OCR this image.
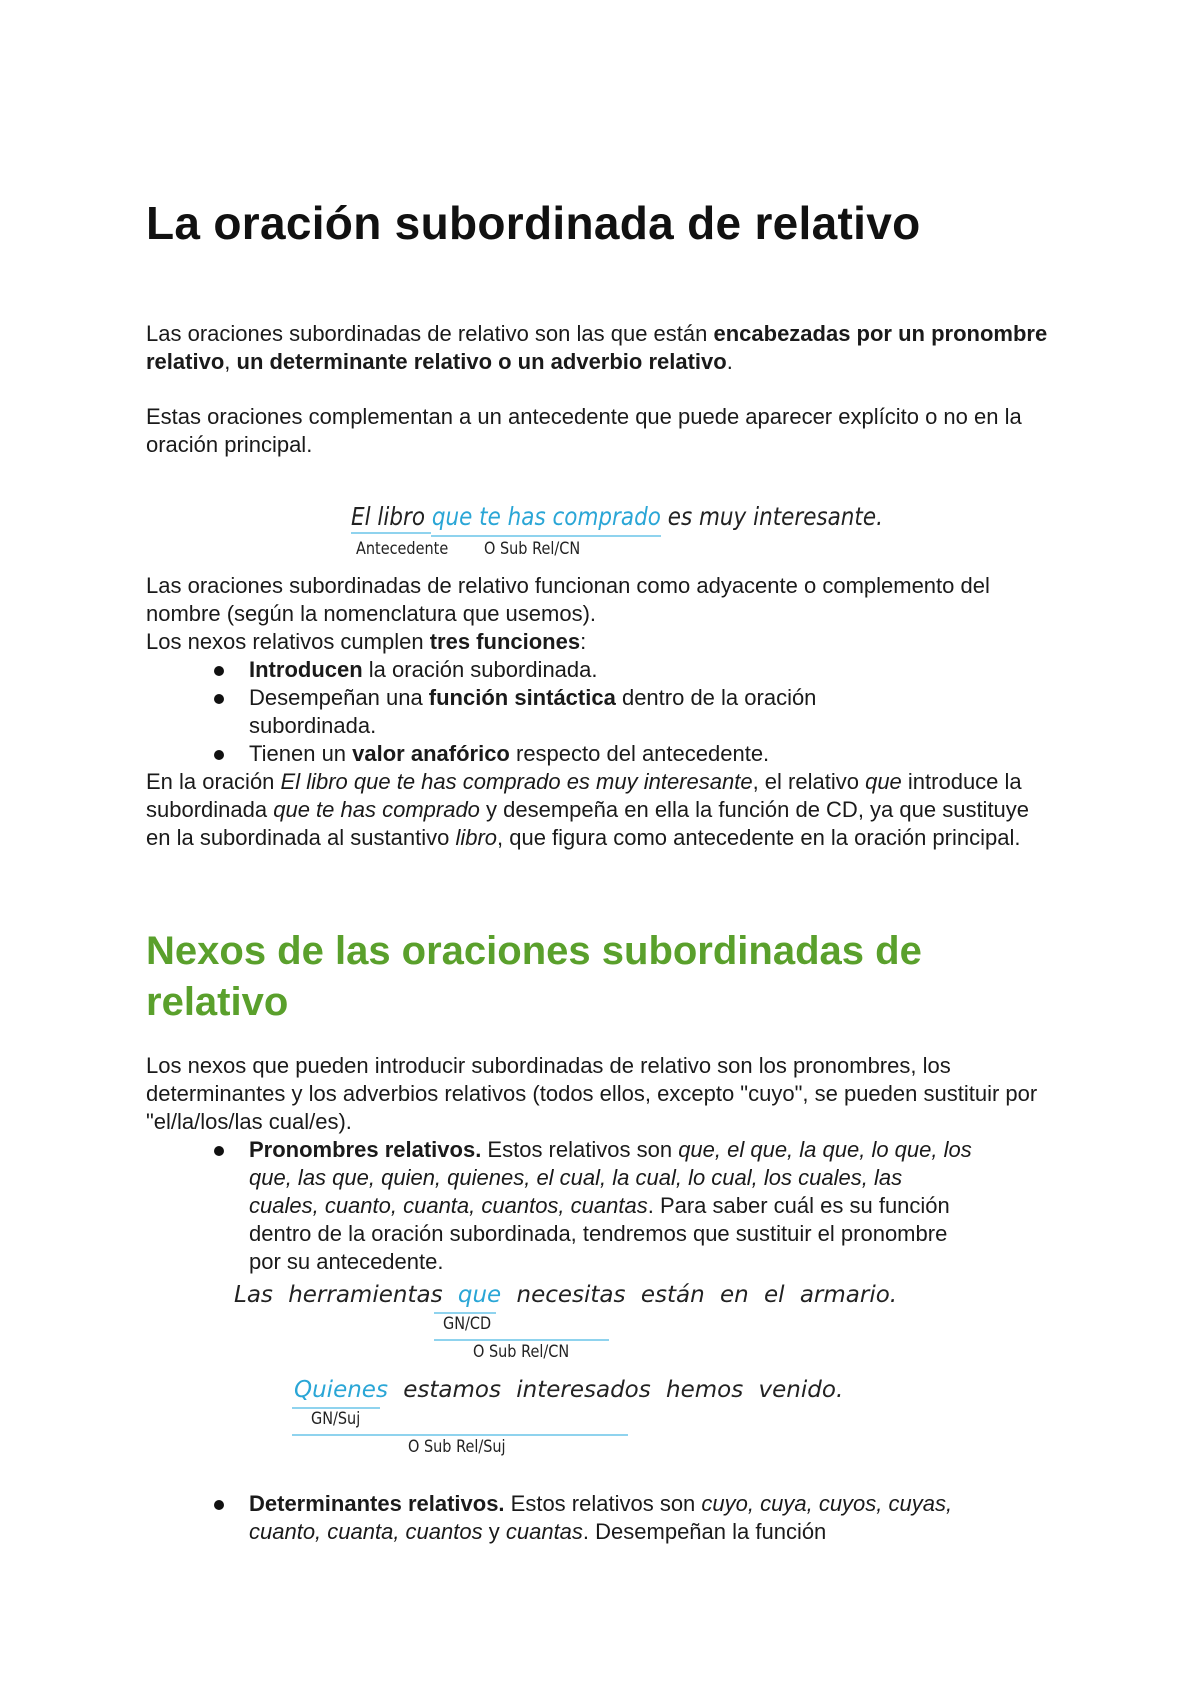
La oración subordinada de relativo

Las oraciones subordinadas de relativo son las que están encabezadas por un pronombre relativo, un determinante relativo o un adverbio relativo.

Estas oraciones complementan a un antecedente que puede aparecer explícito o no en la oración principal.

El libro que te has comprado es muy interesante.
Antecedente O Sub Rel/CN

Las oraciones subordinadas de relativo funcionan como adyacente o complemento del nombre (según la nomenclatura que usemos).

Los nexos relativos cumplen tres funciones:

Introducen la oración subordinada.
Desempeñan una función sintáctica dentro de la oración subordinada.
Tienen un valor anafórico respecto del antecedente.

En la oración El libro que te has comprado es muy interesante, el relativo que introduce la subordinada que te has comprado y desempeña en ella la función de CD, ya que sustituye en la subordinada al sustantivo libro, que figura como antecedente en la oración principal.

Nexos de las oraciones subordinadas de relativo

Los nexos que pueden introducir subordinadas de relativo son los pronombres, los determinantes y los adverbios relativos (todos ellos, excepto "cuyo", se pueden sustituir por "el/la/los/las cual/es).

Pronombres relativos. Estos relativos son que, el que, la que, lo que, los que, las que, quien, quienes, el cual, la cual, lo cual, los cuales, las cuales, cuanto, cuanta, cuantos, cuantas. Para saber cuál es su función dentro de la oración subordinada, tendremos que sustituir el pronombre por su antecedente.
Las herramientas que necesitas están en el armario.
GN/CD
O Sub Rel/CN
Quienes estamos interesados hemos venido.
GN/Suj
O Sub Rel/Suj
Determinantes relativos. Estos relativos son cuyo, cuya, cuyos, cuyas, cuanto, cuanta, cuantos y cuantas. Desempeñan la función
